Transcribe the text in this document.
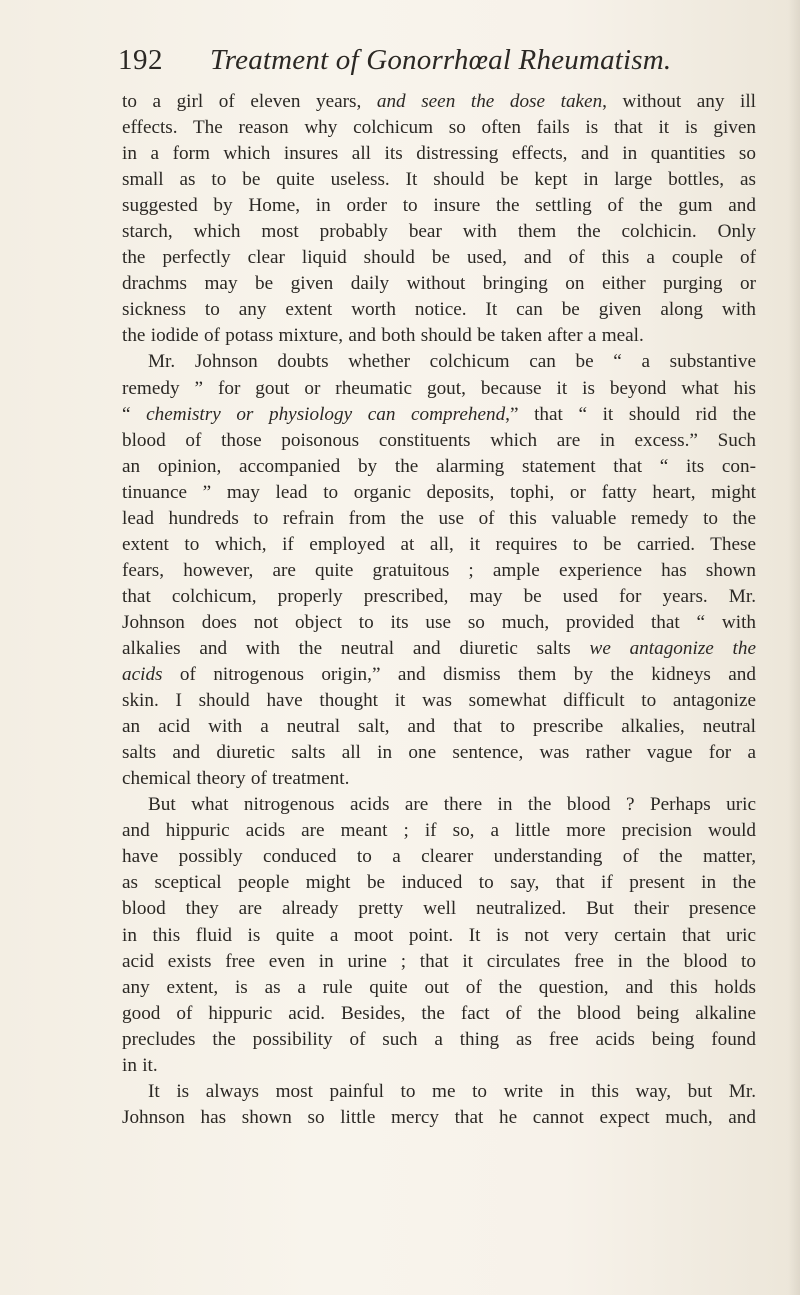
192 Treatment of Gonorrhœal Rheumatism.
to a girl of eleven years, and seen the dose taken, without any ill
effects. The reason why colchicum so often fails is that it is given
in a form which insures all its distressing effects, and in quantities so
small as to be quite useless. It should be kept in large bottles, as
suggested by Home, in order to insure the settling of the gum and
starch, which most probably bear with them the colchicin. Only
the perfectly clear liquid should be used, and of this a couple of
drachms may be given daily without bringing on either purging or
sickness to any extent worth notice. It can be given along with
the iodide of potass mixture, and both should be taken after a meal.
Mr. Johnson doubts whether colchicum can be “ a substantive
remedy ” for gout or rheumatic gout, because it is beyond what his
“ chemistry or physiology can comprehend,” that “ it should rid the
blood of those poisonous constituents which are in excess.” Such
an opinion, accompanied by the alarming statement that “ its con-
tinuance ” may lead to organic deposits, tophi, or fatty heart, might
lead hundreds to refrain from the use of this valuable remedy to the
extent to which, if employed at all, it requires to be carried. These
fears, however, are quite gratuitous ; ample experience has shown
that colchicum, properly prescribed, may be used for years. Mr.
Johnson does not object to its use so much, provided that “ with
alkalies and with the neutral and diuretic salts we antagonize the
acids of nitrogenous origin,” and dismiss them by the kidneys and
skin. I should have thought it was somewhat difficult to antagonize
an acid with a neutral salt, and that to prescribe alkalies, neutral
salts and diuretic salts all in one sentence, was rather vague for a
chemical theory of treatment.
But what nitrogenous acids are there in the blood ? Perhaps uric
and hippuric acids are meant ; if so, a little more precision would
have possibly conduced to a clearer understanding of the matter,
as sceptical people might be induced to say, that if present in the
blood they are already pretty well neutralized. But their presence
in this fluid is quite a moot point. It is not very certain that uric
acid exists free even in urine ; that it circulates free in the blood to
any extent, is as a rule quite out of the question, and this holds
good of hippuric acid. Besides, the fact of the blood being alkaline
precludes the possibility of such a thing as free acids being found
in it.
It is always most painful to me to write in this way, but Mr.
Johnson has shown so little mercy that he cannot expect much, and
